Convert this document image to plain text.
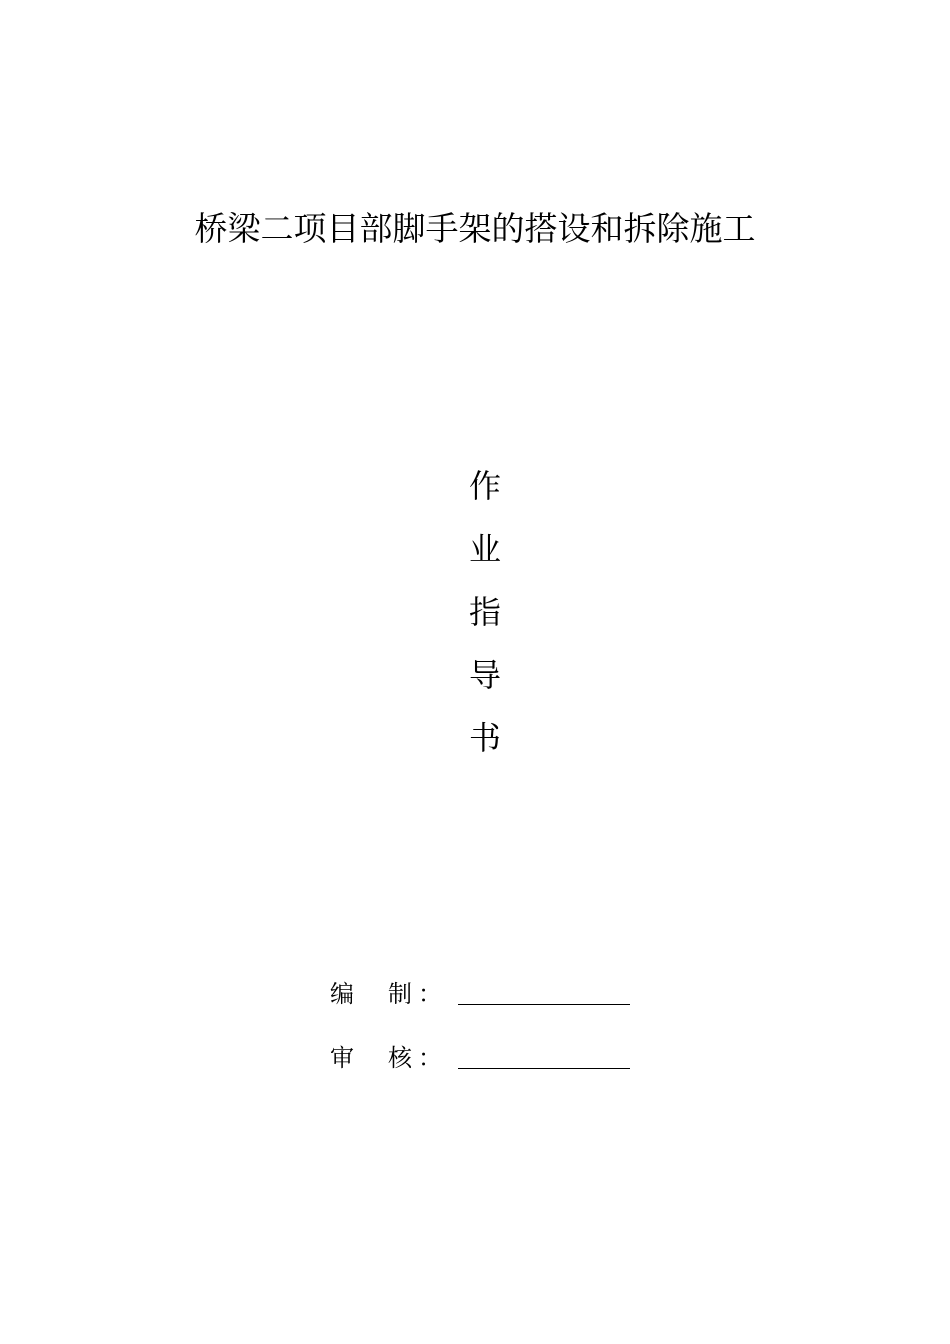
桥梁二项目部脚手架的搭设和拆除施工
作
业
指
导
书
编 制 ：
审 核 ：
